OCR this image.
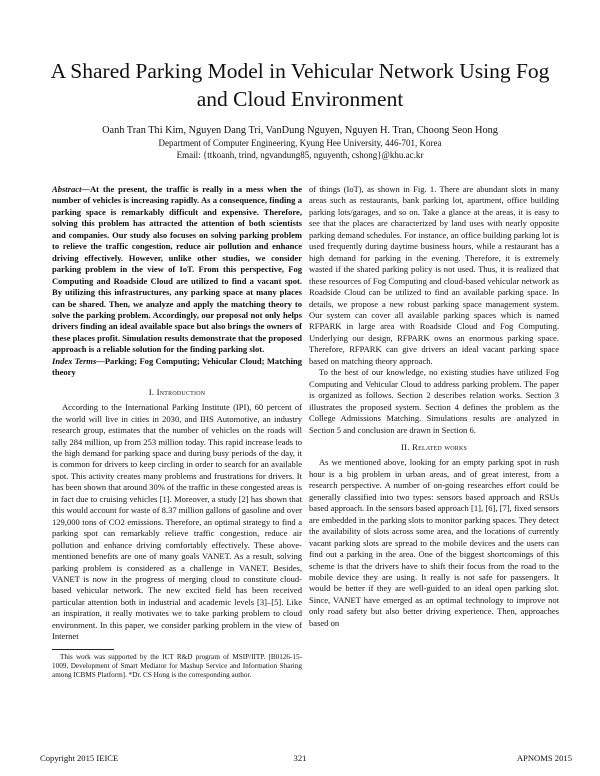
A Shared Parking Model in Vehicular Network Using Fog and Cloud Environment

Oanh Tran Thi Kim, Nguyen Dang Tri, VanDung Nguyen, Nguyen H. Tran, Choong Seon Hong

Department of Computer Engineering, Kyung Hee University, 446-701, Korea
Email: {ttkoanh, trind, ngvandung85, nguyenth, cshong}@khu.ac.kr

Abstract—At the present, the traffic is really in a mess when the number of vehicles is increasing rapidly. As a consequence, finding a parking space is remarkably difficult and expensive. Therefore, solving this problem has attracted the attention of both scientists and companies. Our study also focuses on solving parking problem to relieve the traffic congestion, reduce air pollution and enhance driving effectively. However, unlike other studies, we consider parking problem in the view of IoT. From this perspective, Fog Computing and Roadside Cloud are utilized to find a vacant spot. By utilizing this infrastructures, any parking space at many places can be shared. Then, we analyze and apply the matching theory to solve the parking problem. Accordingly, our proposal not only helps drivers finding an ideal available space but also brings the owners of these places profit. Simulation results demonstrate that the proposed approach is a reliable solution for the finding parking slot.

Index Terms—Parking; Fog Computing; Vehicular Cloud; Matching theory

I. Introduction

According to the International Parking Institute (IPI), 60 percent of the world will live in cities in 2030, and IHS Automotive, an industry research group, estimates that the number of vehicles on the roads will tally 284 million, up from 253 million today. This rapid increase leads to the high demand for parking space and during busy periods of the day, it is common for drivers to keep circling in order to search for an available spot. This activity creates many problems and frustrations for drivers. It has been shown that around 30% of the traffic in these congested areas is in fact due to cruising vehicles [1]. Moreover, a study [2] has shown that this would account for waste of 8.37 million gallons of gasoline and over 129,000 tons of CO2 emissions. Therefore, an optimal strategy to find a parking spot can remarkably relieve traffic congestion, reduce air pollution and enhance driving comfortably effectively. These above-mentioned benefits are one of many goals VANET. As a result, solving parking problem is considered as a challenge in VANET. Besides, VANET is now in the progress of merging cloud to constitute cloud-based vehicular network. The new excited field has been received particular attention both in industrial and academic levels [3]–[5]. Like an inspiration, it really motivates we to take parking problem to cloud environment. In this paper, we consider parking problem in the view of Internet

This work was supported by the ICT R&D program of MSIP/IITP. [B0126-15-1009, Development of Smart Mediator for Mashup Service and Information Sharing among ICBMS Platform]. *Dr. CS Hong is the corresponding author.

of things (IoT), as shown in Fig. 1. There are abundant slots in many areas such as restaurants, bank parking lot, apartment, office building parking lots/garages, and so on. Take a glance at the areas, it is easy to see that the places are characterized by land uses with nearly opposite parking demand schedules. For instance, an office building parking lot is used frequently during daytime business hours, while a restaurant has a high demand for parking in the evening. Therefore, it is extremely wasted if the shared parking policy is not used. Thus, it is realized that these resources of Fog Computing and cloud-based vehicular network as Roadside Cloud can be utilized to find an available parking space. In details, we propose a new robust parking space management system. Our system can cover all available parking spaces which is named RFPARK in large area with Roadside Cloud and Fog Computing. Underlying our design, RFPARK owns an enormous parking space. Therefore, RFPARK can give drivers an ideal vacant parking space based on matching theory approach.

To the best of our knowledge, no existing studies have utilized Fog Computing and Vehicular Cloud to address parking problem. The paper is organized as follows. Section 2 describes relation works. Section 3 illustrates the proposed system. Section 4 defines the problem as the College Admissions Matching. Simulations results are analyzed in Section 5 and conclusion are drawn in Section 6.

II. Related works

As we mentioned above, looking for an empty parking spot in rush hour is a big problem in urban areas, and of great interest, from a research perspective. A number of on-going researches effort could be generally classified into two types: sensors based approach and RSUs based approach. In the sensors based approach [1], [6], [7], fixed sensors are embedded in the parking slots to monitor parking spaces. They detect the availability of slots across some area, and the locations of currently vacant parking slots are spread to the mobile devices and the users can find out a parking in the area. One of the biggest shortcomings of this scheme is that the drivers have to shift their focus from the road to the mobile device they are using. It really is not safe for passengers. It would be better if they are well-guided to an ideal open parking slot. Since, VANET have emerged as an optimal technology to improve not only road safety but also better driving experience. Then, approaches based on

Copyright 2015 IEICE	321	APNOMS 2015
